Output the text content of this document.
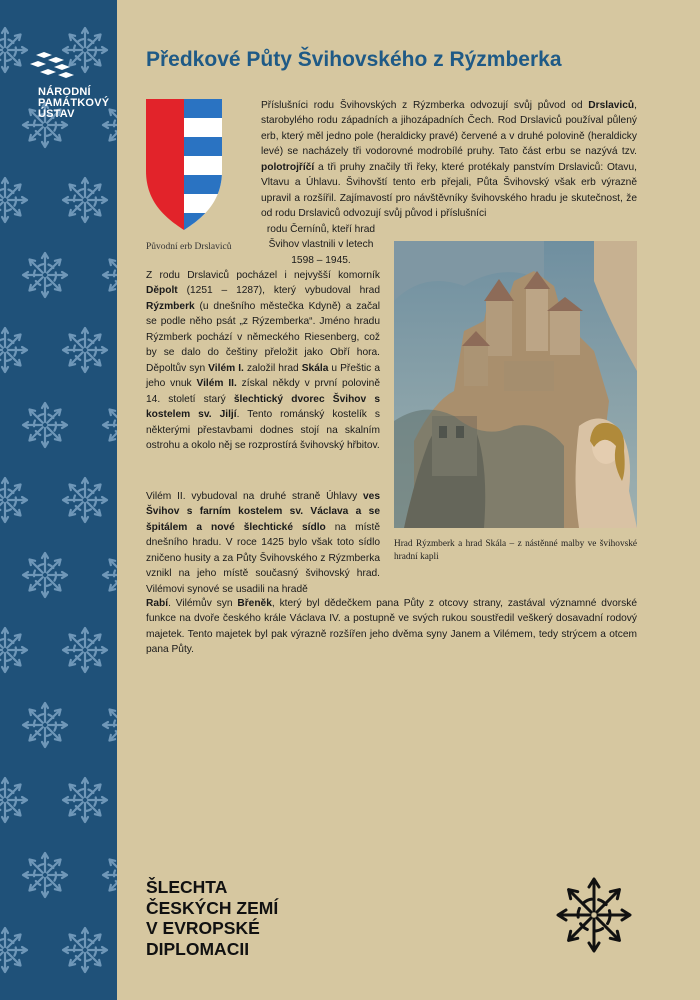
NÁRODNÍ
PAMÁTKOVÝ
ÚSTAV
Předkové Půty Švihovského z Rýzmberka
Původní erb Drslaviců

Příslušníci rodu Švihovských z Rýzmberka odvozují svůj původ od Drslaviců, starobylého rodu západních a jihozápadních Čech. Rod Drslaviců používal půlený erb, který měl jedno pole (heraldicky pravé) červené a v druhé polovině (heraldicky levé) se nacházely tři vodorovné modrobílé pruhy. Tato část erbu se nazývá tzv. polotrojříčí a tři pruhy značily tři řeky, které protékaly panstvím Drslaviců: Otavu, Vltavu a Úhlavu. Švihovští tento erb přejali, Půta Švihovský však erb výrazně upravil a rozšířil. Zajímavostí pro návštěvníky švihovského hradu je skutečnost, že od rodu Drslaviců odvozují svůj původ i příslušníci

rodu Černínů, kteří hrad Švihov vlastnili v letech 1598 – 1945.

Z rodu Drslaviců pocházel i nejvyšší komorník Děpolt (1251 – 1287), který vybudoval hrad Rýzmberk (u dnešního městečka Kdyně) a začal se podle něho psát „z Rýzemberka“. Jméno hradu Rýzmberk pochází v německého Riesenberg, což by se dalo do češtiny přeložit jako Obří hora. Děpoltův syn Vilém I. založil hrad Skála u Přeštic a jeho vnuk Vilém II. získal někdy v první polovině 14. století starý šlechtický dvorec Švihov s kostelem sv. Jiljí. Tento románský kostelík s některými přestavbami dodnes stojí na skalním ostrohu a okolo něj se rozprostírá švihovský hřbitov.

Vilém II. vybudoval na druhé straně Úhlavy ves Švihov s farním kostelem sv. Václava a se špitálem a nové šlechtické sídlo na místě dnešního hradu. V roce 1425 bylo však toto sídlo zničeno husity a za Půty Švihovského z Rýzmberka vznikl na jeho místě současný švihovský hrad. Vilémovi synové se usadili na hradě

Rabí. Vilémův syn Břeněk, který byl dědečkem pana Půty z otcovy strany, zastával významné dvorské funkce na dvoře českého krále Václava IV. a postupně ve svých rukou soustředil veškerý dosavadní rodový majetek. Tento majetek byl pak výrazně rozšířen jeho dvěma syny Janem a Vilémem, tedy strýcem a otcem pana Půty.

Hrad Rýzmberk a hrad Skála – z nástěnné malby ve švihovské hradní kapli
ŠLECHTA
ČESKÝCH ZEMÍ
V EVROPSKÉ
DIPLOMACII
